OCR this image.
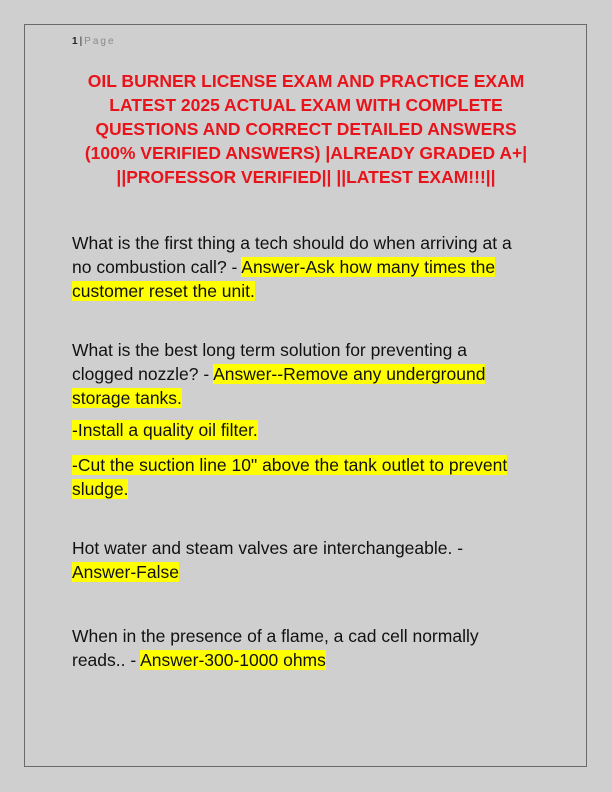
1 | Page
OIL BURNER LICENSE EXAM AND PRACTICE EXAM
LATEST 2025 ACTUAL EXAM WITH COMPLETE
QUESTIONS AND CORRECT DETAILED ANSWERS
(100% VERIFIED ANSWERS) |ALREADY GRADED A+|
||PROFESSOR VERIFIED|| ||LATEST EXAM!!!||
What is the first thing a tech should do when arriving at a
no combustion call? - Answer-Ask how many times the
customer reset the unit.
What is the best long term solution for preventing a
clogged nozzle? - Answer--Remove any underground
storage tanks.
-Install a quality oil filter.
-Cut the suction line 10" above the tank outlet to prevent
sludge.
Hot water and steam valves are interchangeable. -
Answer-False
When in the presence of a flame, a cad cell normally
reads.. - Answer-300-1000 ohms
